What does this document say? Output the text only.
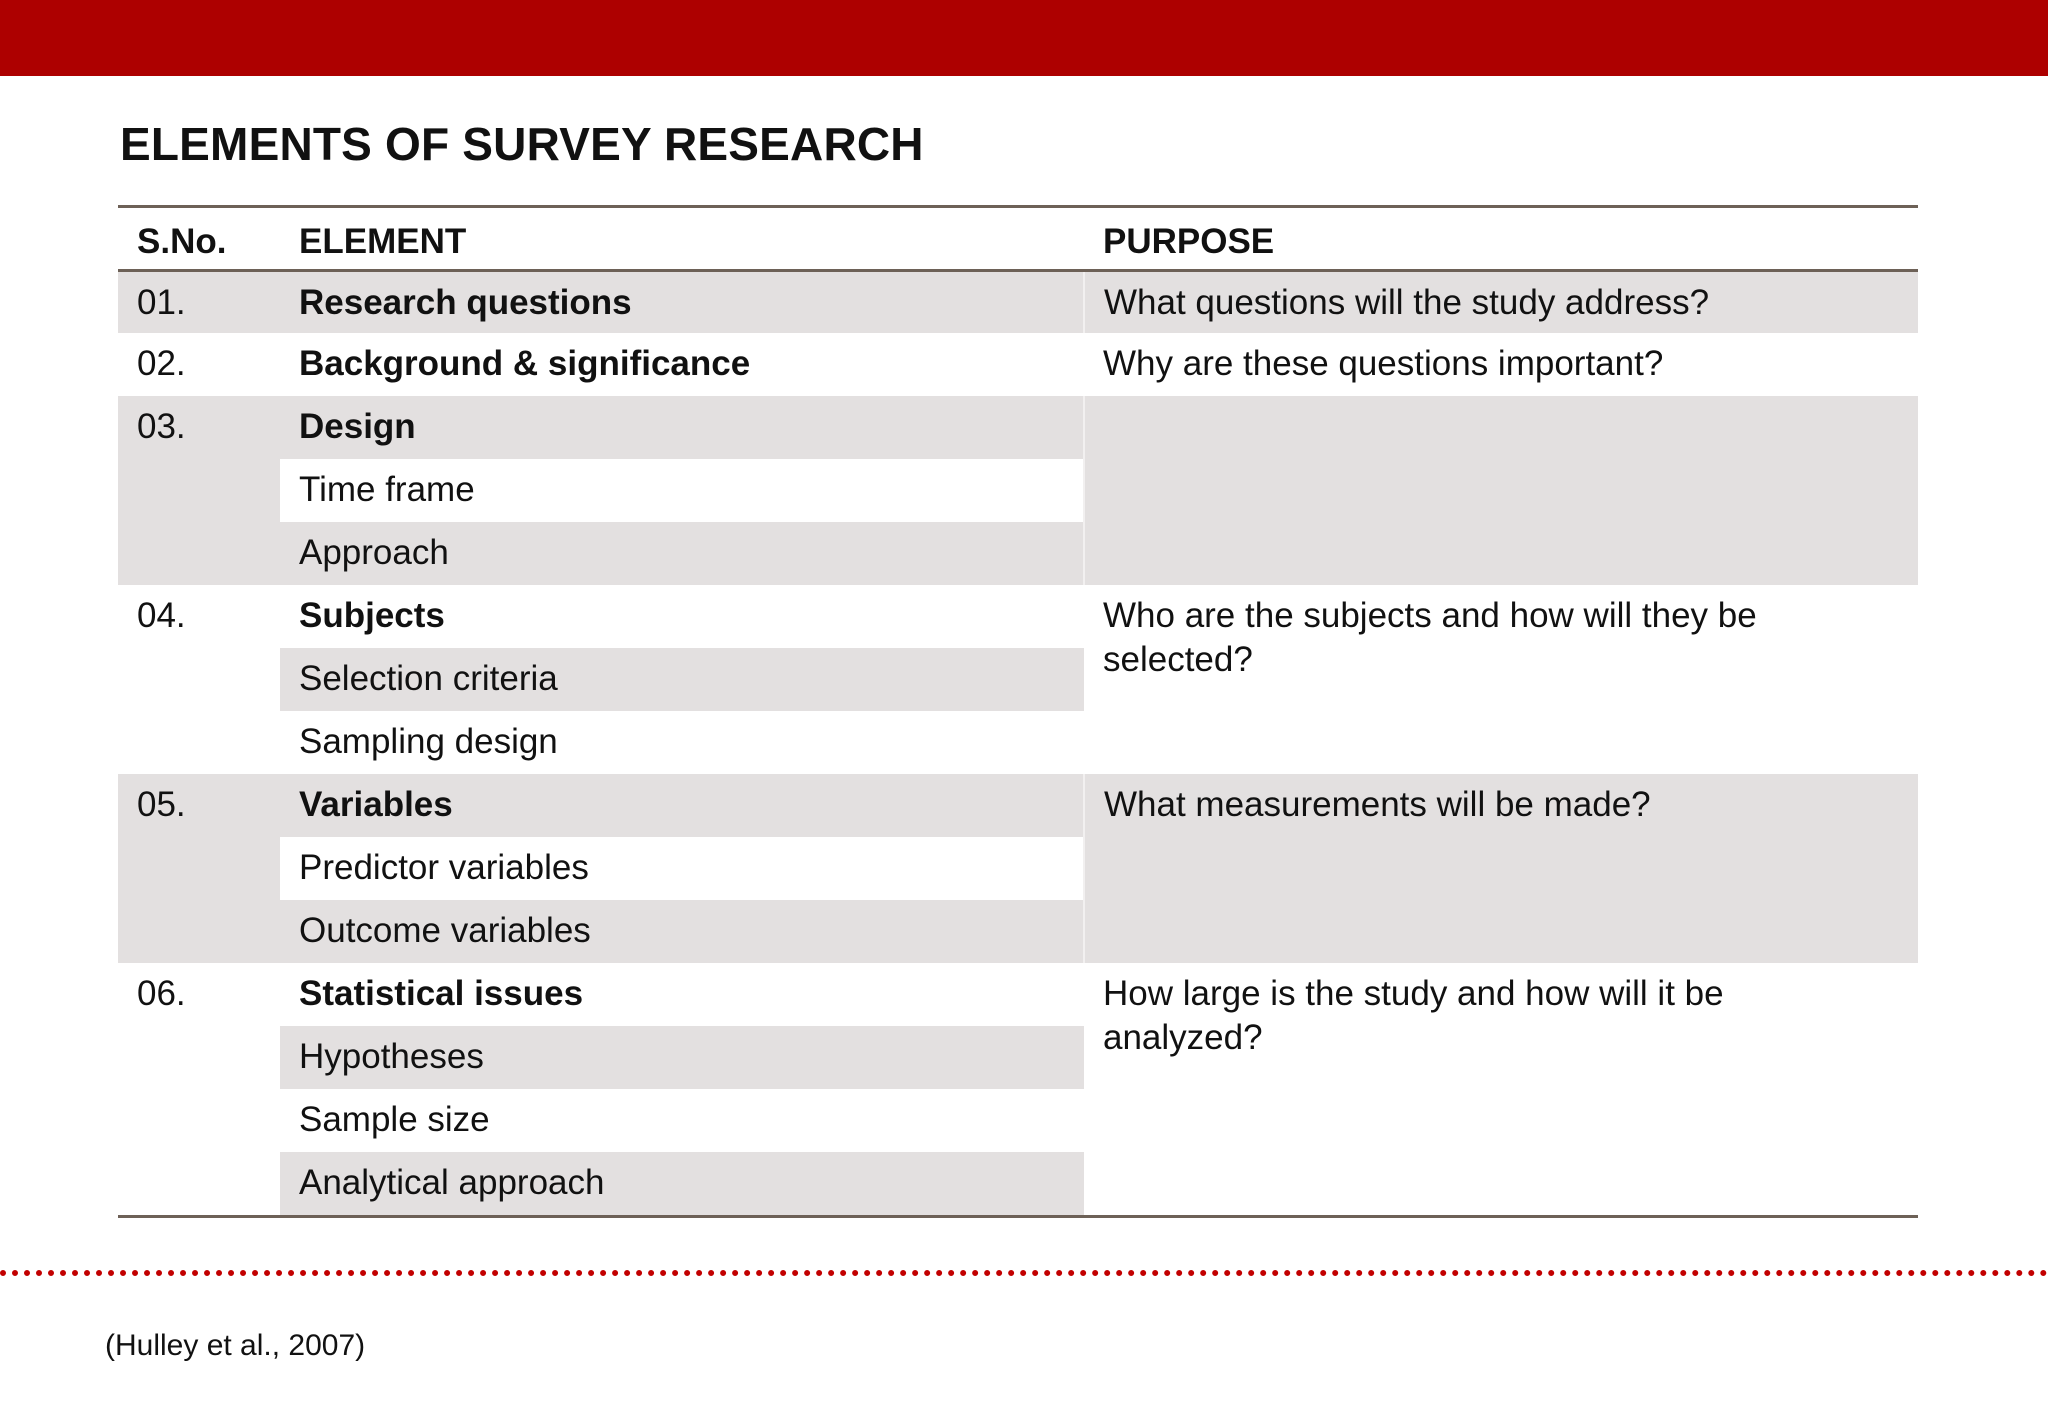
ELEMENTS OF SURVEY RESEARCH
S.No.	ELEMENT	PURPOSE
01.	Research questions	What questions will the study address?
02.	Background & significance	Why are these questions important?
03.	Design	
	Time frame	
	Approach	
04.	Subjects	Who are the subjects and how will they be selected?
	Selection criteria	
	Sampling design	
05.	Variables	What measurements will be made?
	Predictor variables	
	Outcome variables	
06.	Statistical issues	How large is the study and how will it be analyzed?
	Hypotheses	
	Sample size	
	Analytical approach	
(Hulley et al., 2007)
